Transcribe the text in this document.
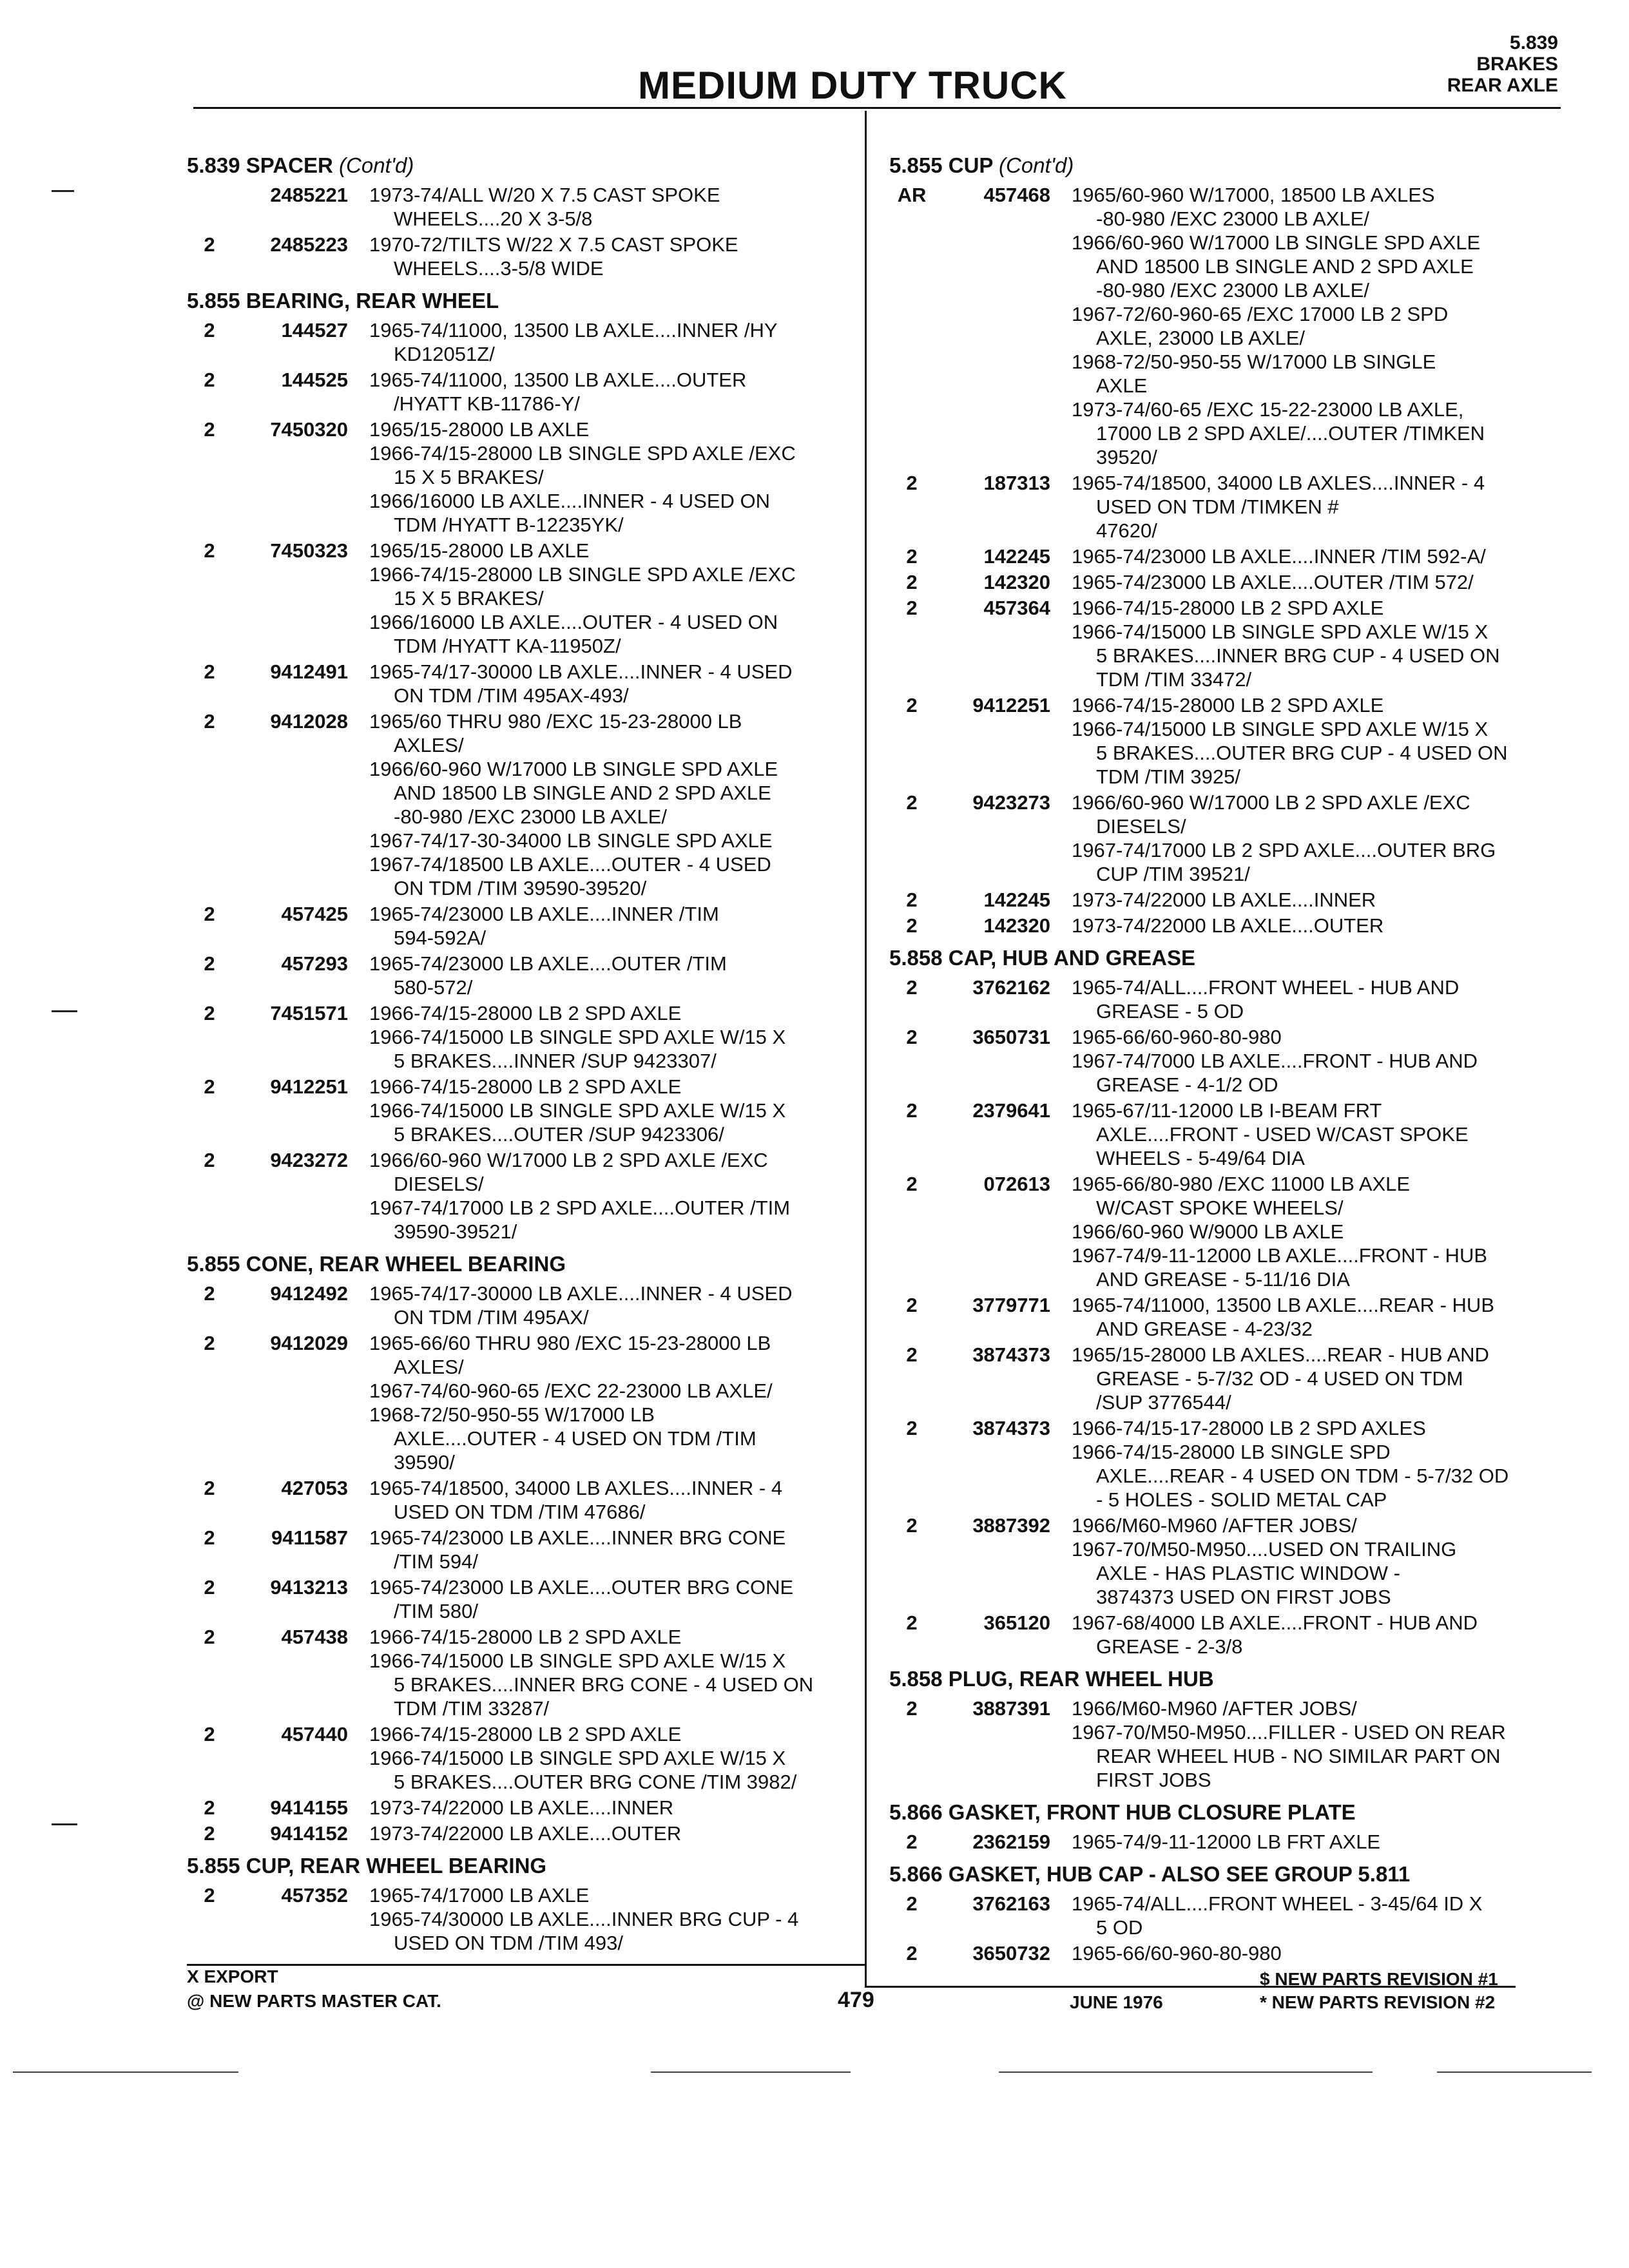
MEDIUM DUTY TRUCK
5.839
BRAKES
REAR AXLE
5.839 SPACER (Cont'd)
2485221 1973-74/ALL W/20 X 7.5 CAST SPOKE
WHEELS....20 X 3-5/8
2	2485223 1970-72/TILTS W/22 X 7.5 CAST SPOKE
WHEELS....3-5/8 WIDE
5.855 BEARING, REAR WHEEL
2	144527 1965-74/11000, 13500 LB AXLE....INNER /HY
KD12051Z/
2	144525 1965-74/11000, 13500 LB AXLE....OUTER
/HYATT KB-11786-Y/
2	7450320 1965/15-28000 LB AXLE
1966-74/15-28000 LB SINGLE SPD AXLE /EXC
15 X 5 BRAKES/
1966/16000 LB AXLE....INNER - 4 USED ON
TDM /HYATT B-12235YK/
2	7450323 1965/15-28000 LB AXLE
1966-74/15-28000 LB SINGLE SPD AXLE /EXC
15 X 5 BRAKES/
1966/16000 LB AXLE....OUTER - 4 USED ON
TDM /HYATT KA-11950Z/
2	9412491 1965-74/17-30000 LB AXLE....INNER - 4 USED
ON TDM /TIM 495AX-493/
2	9412028 1965/60 THRU 980 /EXC 15-23-28000 LB
AXLES/
1966/60-960 W/17000 LB SINGLE SPD AXLE
AND 18500 LB SINGLE AND 2 SPD AXLE
-80-980 /EXC 23000 LB AXLE/
1967-74/17-30-34000 LB SINGLE SPD AXLE
1967-74/18500 LB AXLE....OUTER - 4 USED
ON TDM /TIM 39590-39520/
2	457425 1965-74/23000 LB AXLE....INNER /TIM
594-592A/
2	457293 1965-74/23000 LB AXLE....OUTER /TIM
580-572/
2	7451571 1966-74/15-28000 LB 2 SPD AXLE
1966-74/15000 LB SINGLE SPD AXLE W/15 X
5 BRAKES....INNER /SUP 9423307/
2	9412251 1966-74/15-28000 LB 2 SPD AXLE
1966-74/15000 LB SINGLE SPD AXLE W/15 X
5 BRAKES....OUTER /SUP 9423306/
2	9423272 1966/60-960 W/17000 LB 2 SPD AXLE /EXC
DIESELS/
1967-74/17000 LB 2 SPD AXLE....OUTER /TIM
39590-39521/
5.855 CONE, REAR WHEEL BEARING
2	9412492 1965-74/17-30000 LB AXLE....INNER - 4 USED
ON TDM /TIM 495AX/
2	9412029 1965-66/60 THRU 980 /EXC 15-23-28000 LB
AXLES/
1967-74/60-960-65 /EXC 22-23000 LB AXLE/
1968-72/50-950-55 W/17000 LB
AXLE....OUTER - 4 USED ON TDM /TIM
39590/
2	427053 1965-74/18500, 34000 LB AXLES....INNER - 4
USED ON TDM /TIM 47686/
2	9411587 1965-74/23000 LB AXLE....INNER BRG CONE
/TIM 594/
2	9413213 1965-74/23000 LB AXLE....OUTER BRG CONE
/TIM 580/
2	457438 1966-74/15-28000 LB 2 SPD AXLE
1966-74/15000 LB SINGLE SPD AXLE W/15 X
5 BRAKES....INNER BRG CONE - 4 USED ON
TDM /TIM 33287/
2	457440 1966-74/15-28000 LB 2 SPD AXLE
1966-74/15000 LB SINGLE SPD AXLE W/15 X
5 BRAKES....OUTER BRG CONE /TIM 3982/
2	9414155 1973-74/22000 LB AXLE....INNER
2	9414152 1973-74/22000 LB AXLE....OUTER
5.855 CUP, REAR WHEEL BEARING
2	457352 1965-74/17000 LB AXLE
1965-74/30000 LB AXLE....INNER BRG CUP - 4
USED ON TDM /TIM 493/
5.855 CUP (Cont'd)
AR	457468 1965/60-960 W/17000, 18500 LB AXLES
-80-980 /EXC 23000 LB AXLE/
1966/60-960 W/17000 LB SINGLE SPD AXLE
AND 18500 LB SINGLE AND 2 SPD AXLE
-80-980 /EXC 23000 LB AXLE/
1967-72/60-960-65 /EXC 17000 LB 2 SPD
AXLE, 23000 LB AXLE/
1968-72/50-950-55 W/17000 LB SINGLE
AXLE
1973-74/60-65 /EXC 15-22-23000 LB AXLE,
17000 LB 2 SPD AXLE/....OUTER /TIMKEN
39520/
2	187313 1965-74/18500, 34000 LB AXLES....INNER - 4
USED ON TDM /TIMKEN #
47620/
2	142245 1965-74/23000 LB AXLE....INNER /TIM 592-A/
2	142320 1965-74/23000 LB AXLE....OUTER /TIM 572/
2	457364 1966-74/15-28000 LB 2 SPD AXLE
1966-74/15000 LB SINGLE SPD AXLE W/15 X
5 BRAKES....INNER BRG CUP - 4 USED ON
TDM /TIM 33472/
2	9412251 1966-74/15-28000 LB 2 SPD AXLE
1966-74/15000 LB SINGLE SPD AXLE W/15 X
5 BRAKES....OUTER BRG CUP - 4 USED ON
TDM /TIM 3925/
2	9423273 1966/60-960 W/17000 LB 2 SPD AXLE /EXC
DIESELS/
1967-74/17000 LB 2 SPD AXLE....OUTER BRG
CUP /TIM 39521/
2	142245 1973-74/22000 LB AXLE....INNER
2	142320 1973-74/22000 LB AXLE....OUTER
5.858 CAP, HUB AND GREASE
2	3762162 1965-74/ALL....FRONT WHEEL - HUB AND
GREASE - 5 OD
2	3650731 1965-66/60-960-80-980
1967-74/7000 LB AXLE....FRONT - HUB AND
GREASE - 4-1/2 OD
2	2379641 1965-67/11-12000 LB I-BEAM FRT
AXLE....FRONT - USED W/CAST SPOKE
WHEELS - 5-49/64 DIA
2	072613 1965-66/80-980 /EXC 11000 LB AXLE
W/CAST SPOKE WHEELS/
1966/60-960 W/9000 LB AXLE
1967-74/9-11-12000 LB AXLE....FRONT - HUB
AND GREASE - 5-11/16 DIA
2	3779771 1965-74/11000, 13500 LB AXLE....REAR - HUB
AND GREASE - 4-23/32
2	3874373 1965/15-28000 LB AXLES....REAR - HUB AND
GREASE - 5-7/32 OD - 4 USED ON TDM
/SUP 3776544/
2	3874373 1966-74/15-17-28000 LB 2 SPD AXLES
1966-74/15-28000 LB SINGLE SPD
AXLE....REAR - 4 USED ON TDM - 5-7/32 OD
- 5 HOLES - SOLID METAL CAP
2	3887392 1966/M60-M960 /AFTER JOBS/
1967-70/M50-M950....USED ON TRAILING
AXLE - HAS PLASTIC WINDOW -
3874373 USED ON FIRST JOBS
2	365120 1967-68/4000 LB AXLE....FRONT - HUB AND
GREASE - 2-3/8
5.858 PLUG, REAR WHEEL HUB
2	3887391 1966/M60-M960 /AFTER JOBS/
1967-70/M50-M950....FILLER - USED ON REAR
REAR WHEEL HUB - NO SIMILAR PART ON
FIRST JOBS
5.866 GASKET, FRONT HUB CLOSURE PLATE
2	2362159 1965-74/9-11-12000 LB FRT AXLE
5.866 GASKET, HUB CAP - ALSO SEE GROUP 5.811
2	3762163 1965-74/ALL....FRONT WHEEL - 3-45/64 ID X
5 OD
2	3650732 1965-66/60-960-80-980
X EXPORT
@ NEW PARTS MASTER CAT.	479	JUNE 1976
$ NEW PARTS REVISION #1
* NEW PARTS REVISION #2
